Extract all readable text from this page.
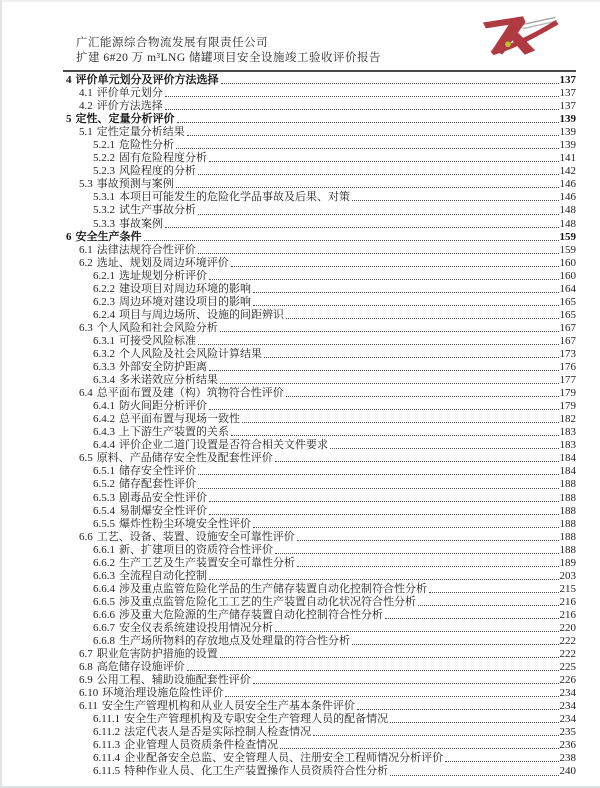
广汇能源综合物流发展有限责任公司
扩建 6#20 万 m³LNG 储罐项目安全设施竣工验收评价报告
4 评价单元划分及评价方法选择	137
4.1 评价单元划分	137
4.2 评价方法选择	137
5 定性、定量分析评价	139
5.1 定性定量分析结果	139
5.2.1 危险性分析	139
5.2.2 固有危险程度分析	141
5.2.3 风险程度的分析	142
5.3 事故预测与案例	146
5.3.1 本项目可能发生的危险化学品事故及后果、对策	146
5.3.2 试生产事故分析	148
5.3.3 事故案例	148
6 安全生产条件	159
6.1 法律法规符合性评价	159
6.2 选址、规划及周边环境评价	160
6.2.1 选址规划分析评价	160
6.2.2 建设项目对周边环境的影响	164
6.2.3 周边环境对建设项目的影响	165
6.2.4 项目与周边场所、设施的间距辨识	165
6.3 个人风险和社会风险分析	167
6.3.1 可接受风险标准	167
6.3.2 个人风险及社会风险计算结果	173
6.3.3 外部安全防护距离	176
6.3.4 多米诺效应分析结果	177
6.4 总平面布置及建（构）筑物符合性评价	179
6.4.1 防火间距分析评价	179
6.4.2 总平面布置与现场一致性	182
6.4.3 上下游生产装置的关系	183
6.4.4 评价企业二道门设置是否符合相关文件要求	183
6.5 原料、产品储存安全性及配套性评价	184
6.5.1 储存安全性评价	184
6.5.2 储存配套性评价	188
6.5.3 剧毒品安全性评价	188
6.5.4 易制爆安全性评价	188
6.5.5 爆炸性粉尘环境安全性评价	188
6.6 工艺、设备、装置、设施安全可靠性评价	188
6.6.1 新、扩建项目的资质符合性评价	188
6.6.2 生产工艺及生产装置安全可靠性分析	189
6.6.3 全流程自动化控制	203
6.6.4 涉及重点监管危险化学品的生产储存装置自动化控制符合性分析	215
6.6.5 涉及重点监管危险化工工艺的生产装置自动化状况符合性分析	216
6.6.6 涉及重大危险源的生产储存装置自动化控制符合性分析	216
6.6.7 安全仪表系统建设投用情况分析	220
6.6.8 生产场所物料的存放地点及处理量的符合性分析	222
6.7 职业危害防护措施的设置	222
6.8 高危储存设施评价	225
6.9 公用工程、辅助设施配套性评价	226
6.10 环境治理设施危险性评价	234
6.11 安全生产管理机构和从业人员安全生产基本条件评价	234
6.11.1 安全生产管理机构及专职安全生产管理人员的配备情况	234
6.11.2 法定代表人是否是实际控制人检查情况	235
6.11.3 企业管理人员资质条件检查情况	236
6.11.4 企业配备安全总监、安全管理人员、注册安全工程师情况分析评价	238
6.11.5 特种作业人员、化工生产装置操作人员资质符合性分析	240
